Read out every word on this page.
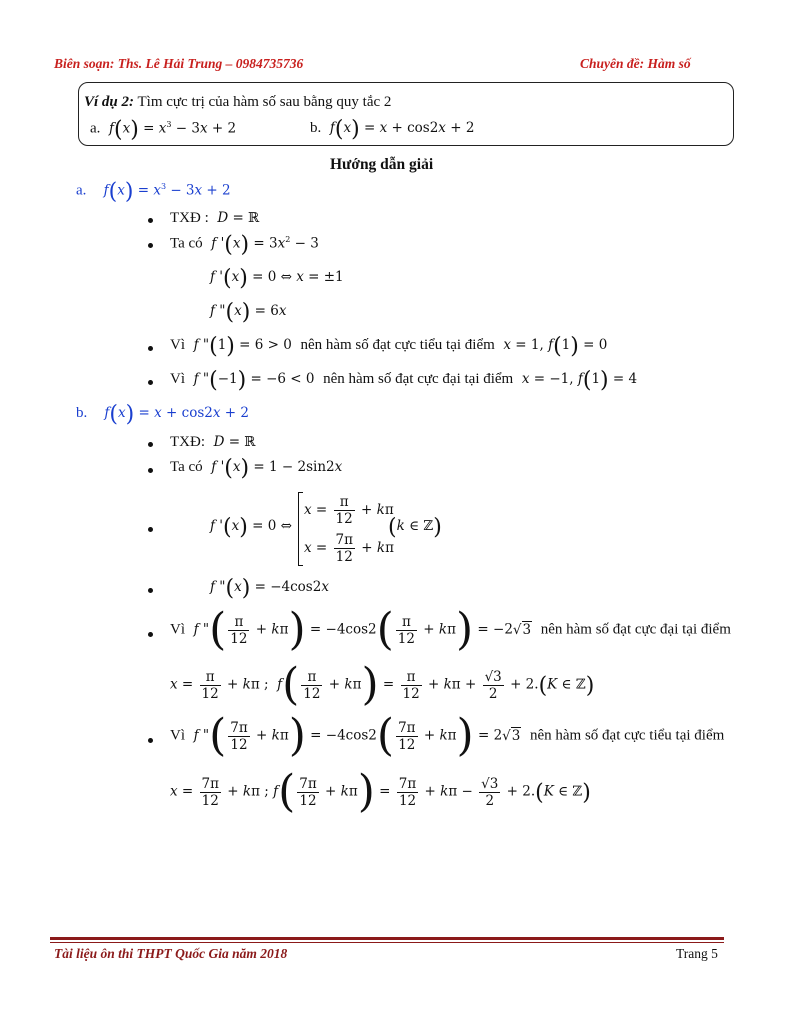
Biên soạn: Ths. Lê Hải Trung – 0984735736	Chuyên đề: Hàm số
Ví dụ 2: Tìm cực trị của hàm số sau bằng quy tắc 2
a. $f(x) = x^3 - 3x + 2$	b. f(x) = x + cos2x + 2
Hướng dẫn giải
a. $f(x) = x^3 - 3x + 2$
TXĐ : D = ℝ
Ta có f '$(x) = 3x^2 - 3$
f '(x) = 0 ⇔ x = ±1
f "(x) = 6x
Vì f "(1) = 6 > 0  nên hàm số đạt cực tiểu tại điểm x = 1, f(1) = 0
Vì f "(−1) = −6 < 0  nên hàm số đạt cực đại tại điểm x = −1, f(1) = 4
b. f(x) = x + cos2x + 2
TXĐ: D = ℝ
Ta có f '(x) = 1 − 2sin2x
f '(x) = 0 ⇔
$x = \frac{\pi}{12} + k\pi$
$x = \frac{7\pi}{12} + k\pi$
(k ∈ ℤ)
f "(x) = −4cos2x
Vì f "( $\frac{\pi}{12} + k\pi) = -4\cos 2( \frac{\pi}{12} + k\pi) = -2√3$ nên hàm số đạt cực đại tại điểm
$x = \frac{\pi}{12} + k\pi$ ;  $f( \frac{\pi}{12} + k\pi) = \frac{\pi}{12} + k\pi + \frac{√3}{2} + 2.(K$ ∈ ℤ)
Vì f "( $\frac{7\pi}{12} + k\pi) = -4\cos 2( \frac{7\pi}{12} + k\pi) = 2√3$ nên hàm số đạt cực tiểu tại điểm
$x = \frac{7\pi}{12} + k\pi$ ; $f( \frac{7\pi}{12} + k\pi) = \frac{7\pi}{12} + k\pi - \frac{√3}{2} + 2.(K$ ∈ ℤ)
Tài liệu ôn thi THPT Quốc Gia năm 2018	Trang 5
